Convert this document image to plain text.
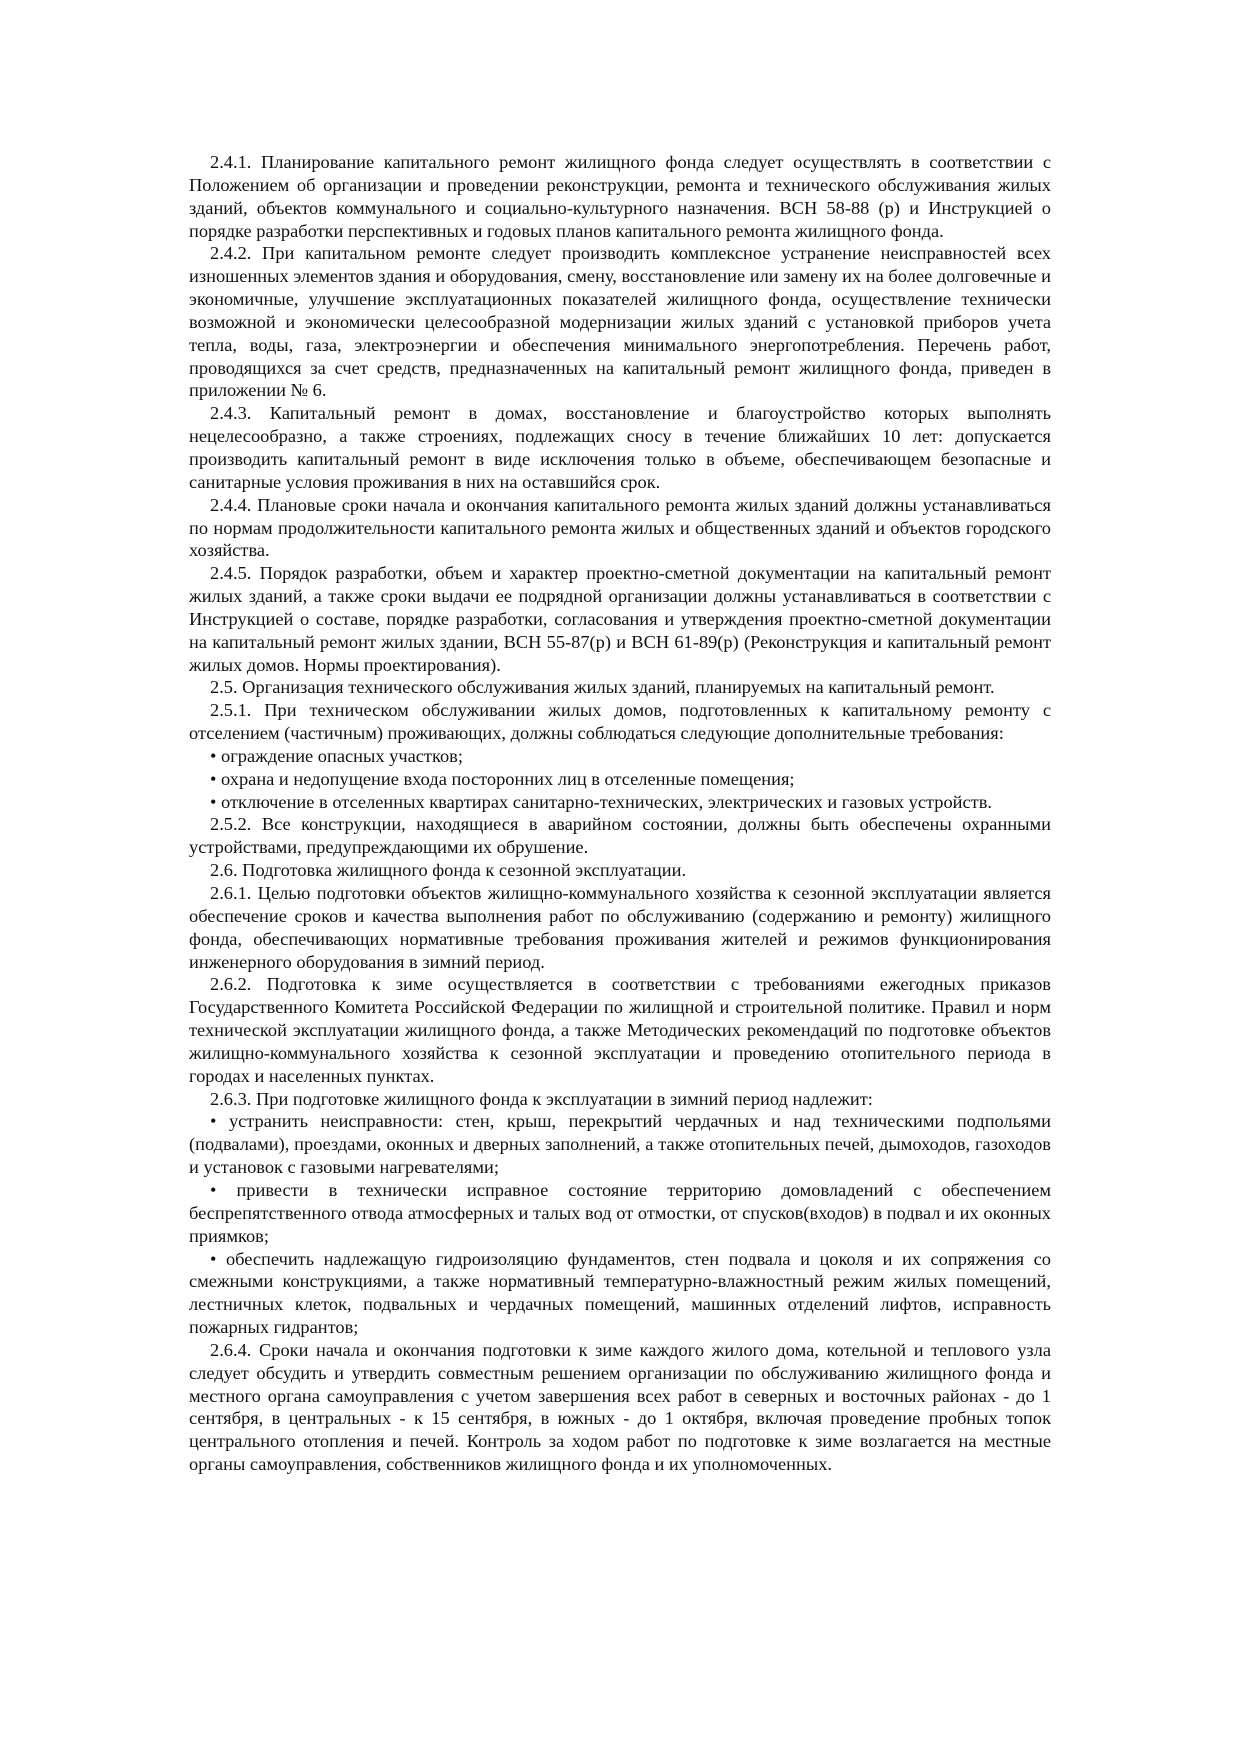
2.4.1. Планирование капитального ремонт жилищного фонда следует осуществлять в соответствии с Положением об организации и проведении реконструкции, ремонта и технического обслуживания жилых зданий, объектов коммунального и социально-культурного назначения. ВСН 58-88 (р) и Инструкцией о порядке разработки перспективных и годовых планов капитального ремонта жилищного фонда.

2.4.2. При капитальном ремонте следует производить комплексное устранение неисправностей всех изношенных элементов здания и оборудования, смену, восстановление или замену их на более долговечные и экономичные, улучшение эксплуатационных показателей жилищного фонда, осуществление технически возможной и экономически целесообразной модернизации жилых зданий с установкой приборов учета тепла, воды, газа, электроэнергии и обеспечения минимального энергопотребления. Перечень работ, проводящихся за счет средств, предназначенных на капитальный ремонт жилищного фонда, приведен в приложении № 6.

2.4.3. Капитальный ремонт в домах, восстановление и благоустройство которых выполнять нецелесообразно, а также строениях, подлежащих сносу в течение ближайших 10 лет: допускается производить капитальный ремонт в виде исключения только в объеме, обеспечивающем безопасные и санитарные условия проживания в них на оставшийся срок.

2.4.4. Плановые сроки начала и окончания капитального ремонта жилых зданий должны устанавливаться по нормам продолжительности капитального ремонта жилых и общественных зданий и объектов городского хозяйства.

2.4.5. Порядок разработки, объем и характер проектно-сметной документации на капитальный ремонт жилых зданий, а также сроки выдачи ее подрядной организации должны устанавливаться в соответствии с Инструкцией о составе, порядке разработки, согласования и утверждения проектно-сметной документации на капитальный ремонт жилых здании, ВСН 55-87(р) и ВСН 61-89(р) (Реконструкция и капитальный ремонт жилых домов. Нормы проектирования).

2.5. Организация технического обслуживания жилых зданий, планируемых на капитальный ремонт.

2.5.1. При техническом обслуживании жилых домов, подготовленных к капитальному ремонту с отселением (частичным) проживающих, должны соблюдаться следующие дополнительные требования:

• ограждение опасных участков;

• охрана и недопущение входа посторонних лиц в отселенные помещения;

• отключение в отселенных квартирах санитарно-технических, электрических и газовых устройств.

2.5.2. Все конструкции, находящиеся в аварийном состоянии, должны быть обеспечены охранными устройствами, предупреждающими их обрушение.

2.6. Подготовка жилищного фонда к сезонной эксплуатации.

2.6.1. Целью подготовки объектов жилищно-коммунального хозяйства к сезонной эксплуатации является обеспечение сроков и качества выполнения работ по обслуживанию (содержанию и ремонту) жилищного фонда, обеспечивающих нормативные требования проживания жителей и режимов функционирования инженерного оборудования в зимний период.

2.6.2. Подготовка к зиме осуществляется в соответствии с требованиями ежегодных приказов Государственного Комитета Российской Федерации по жилищной и строительной политике. Правил и норм технической эксплуатации жилищного фонда, а также Методических рекомендаций по подготовке объектов жилищно-коммунального хозяйства к сезонной эксплуатации и проведению отопительного периода в городах и населенных пунктах.

2.6.3. При подготовке жилищного фонда к эксплуатации в зимний период надлежит:

• устранить неисправности: стен, крыш, перекрытий чердачных и над техническими подпольями (подвалами), проездами, оконных и дверных заполнений, а также отопительных печей, дымоходов, газоходов и установок с газовыми нагревателями;

• привести в технически исправное состояние территорию домовладений с обеспечением беспрепятственного отвода атмосферных и талых вод от отмостки, от спусков(входов) в подвал и их оконных приямков;

• обеспечить надлежащую гидроизоляцию фундаментов, стен подвала и цоколя и их сопряжения со смежными конструкциями, а также нормативный температурно-влажностный режим жилых помещений, лестничных клеток, подвальных и чердачных помещений, машинных отделений лифтов, исправность пожарных гидрантов;

2.6.4. Сроки начала и окончания подготовки к зиме каждого жилого дома, котельной и теплового узла следует обсудить и утвердить совместным решением организации по обслуживанию жилищного фонда и местного органа самоуправления с учетом завершения всех работ в северных и восточных районах - до 1 сентября, в центральных - к 15 сентября, в южных - до 1 октября, включая проведение пробных топок центрального отопления и печей. Контроль за ходом работ по подготовке к зиме возлагается на местные органы самоуправления, собственников жилищного фонда и их уполномоченных.
